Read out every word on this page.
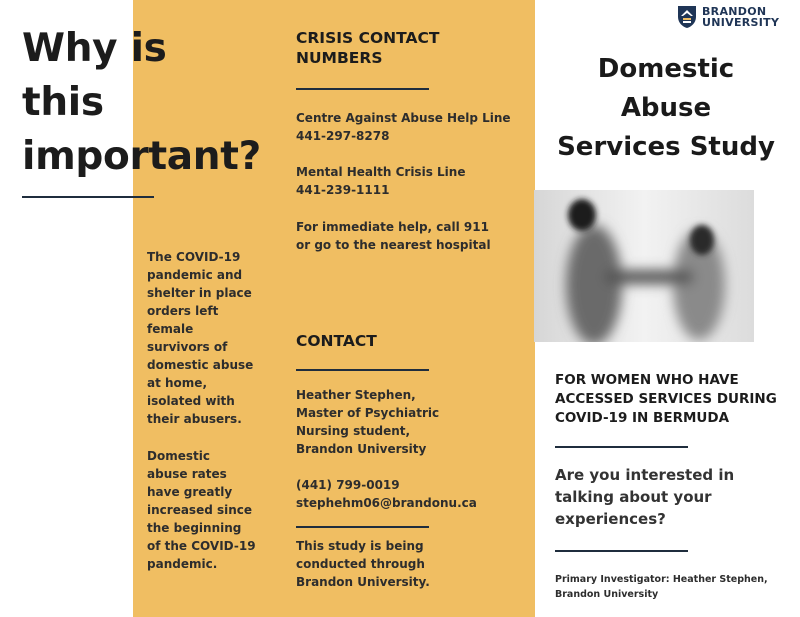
Why is
this
important?
The COVID-19
pandemic and
shelter in place
orders left
female
survivors of
domestic abuse
at home,
isolated with
their abusers.
Domestic
abuse rates
have greatly
increased since
the beginning
of the COVID-19
pandemic.
CRISIS CONTACT
NUMBERS
Centre Against Abuse Help Line
441-297-8278
Mental Health Crisis Line
441-239-1111
For immediate help, call 911
or go to the nearest hospital
CONTACT
Heather Stephen,
Master of Psychiatric
Nursing student,
Brandon University
(441) 799-0019
stephehm06@brandonu.ca
This study is being
conducted through
Brandon University.
BRANDON
UNIVERSITY
Domestic
Abuse
Services Study
FOR WOMEN WHO HAVE
ACCESSED SERVICES DURING
COVID-19 IN BERMUDA
Are you interested in
talking about your
experiences?
Primary Investigator: Heather Stephen,
Brandon University
